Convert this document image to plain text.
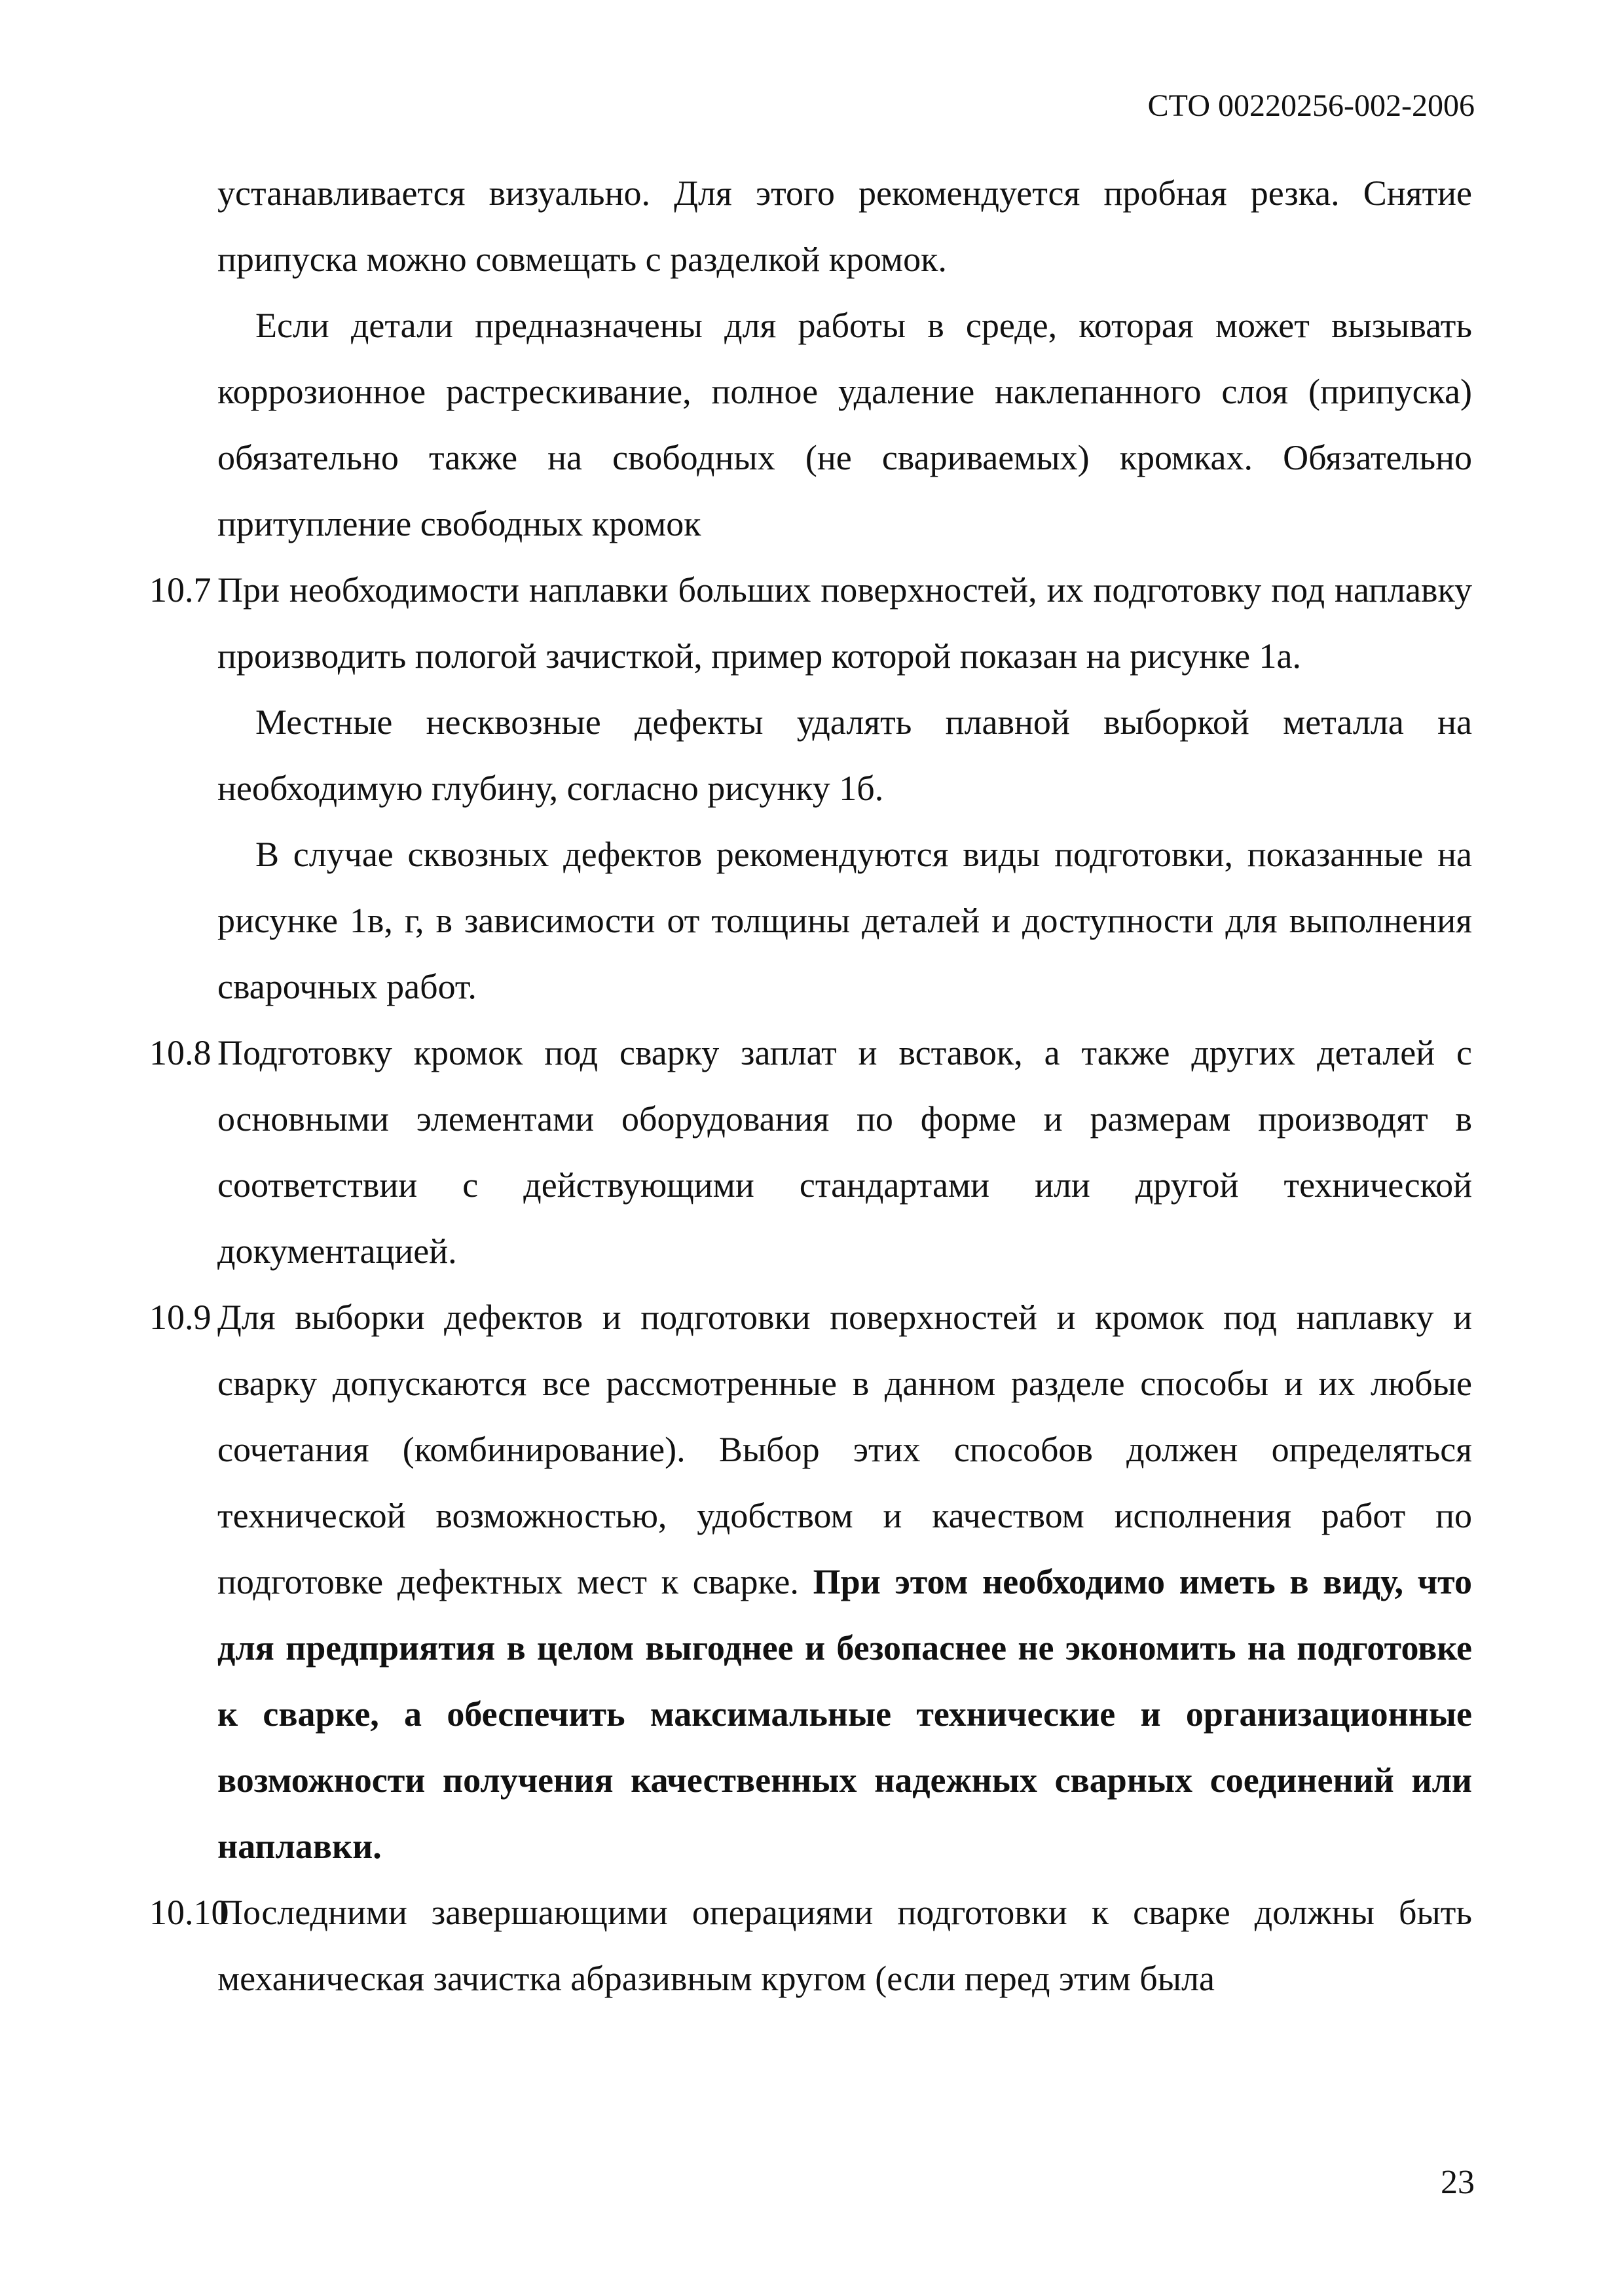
СТО 00220256-002-2006

устанавливается визуально. Для этого рекомендуется пробная резка. Снятие припуска можно совмещать с разделкой кромок.

Если детали предназначены для работы в среде, которая может вызывать коррозионное растрескивание, полное удаление наклепанного слоя (припуска) обязательно также на свободных (не свариваемых) кромках. Обязательно притупление свободных кромок

10.7 При необходимости наплавки больших поверхностей, их подготовку под наплавку производить пологой зачисткой, пример которой показан на рисунке 1а.

Местные несквозные дефекты удалять плавной выборкой металла на необходимую глубину, согласно рисунку 1б.

В случае сквозных дефектов рекомендуются виды подготовки, показанные на рисунке 1в, г, в зависимости от толщины деталей и доступности для выполнения сварочных работ.

10.8 Подготовку кромок под сварку заплат и вставок, а также других деталей с основными элементами оборудования по форме и размерам производят в соответствии с действующими стандартами или другой технической документацией.

10.9 Для выборки дефектов и подготовки поверхностей и кромок под наплавку и сварку допускаются все рассмотренные в данном разделе способы и их любые сочетания (комбинирование). Выбор этих способов должен определяться технической возможностью, удобством и качеством исполнения работ по подготовке дефектных мест к сварке. При этом необходимо иметь в виду, что для предприятия в целом выгоднее и безопаснее не экономить на подготовке к сварке, а обеспечить максимальные технические и организационные возможности получения качественных надежных сварных соединений или наплавки.

10.10Последними завершающими операциями подготовки к сварке должны быть механическая зачистка абразивным кругом (если перед этим была

23
